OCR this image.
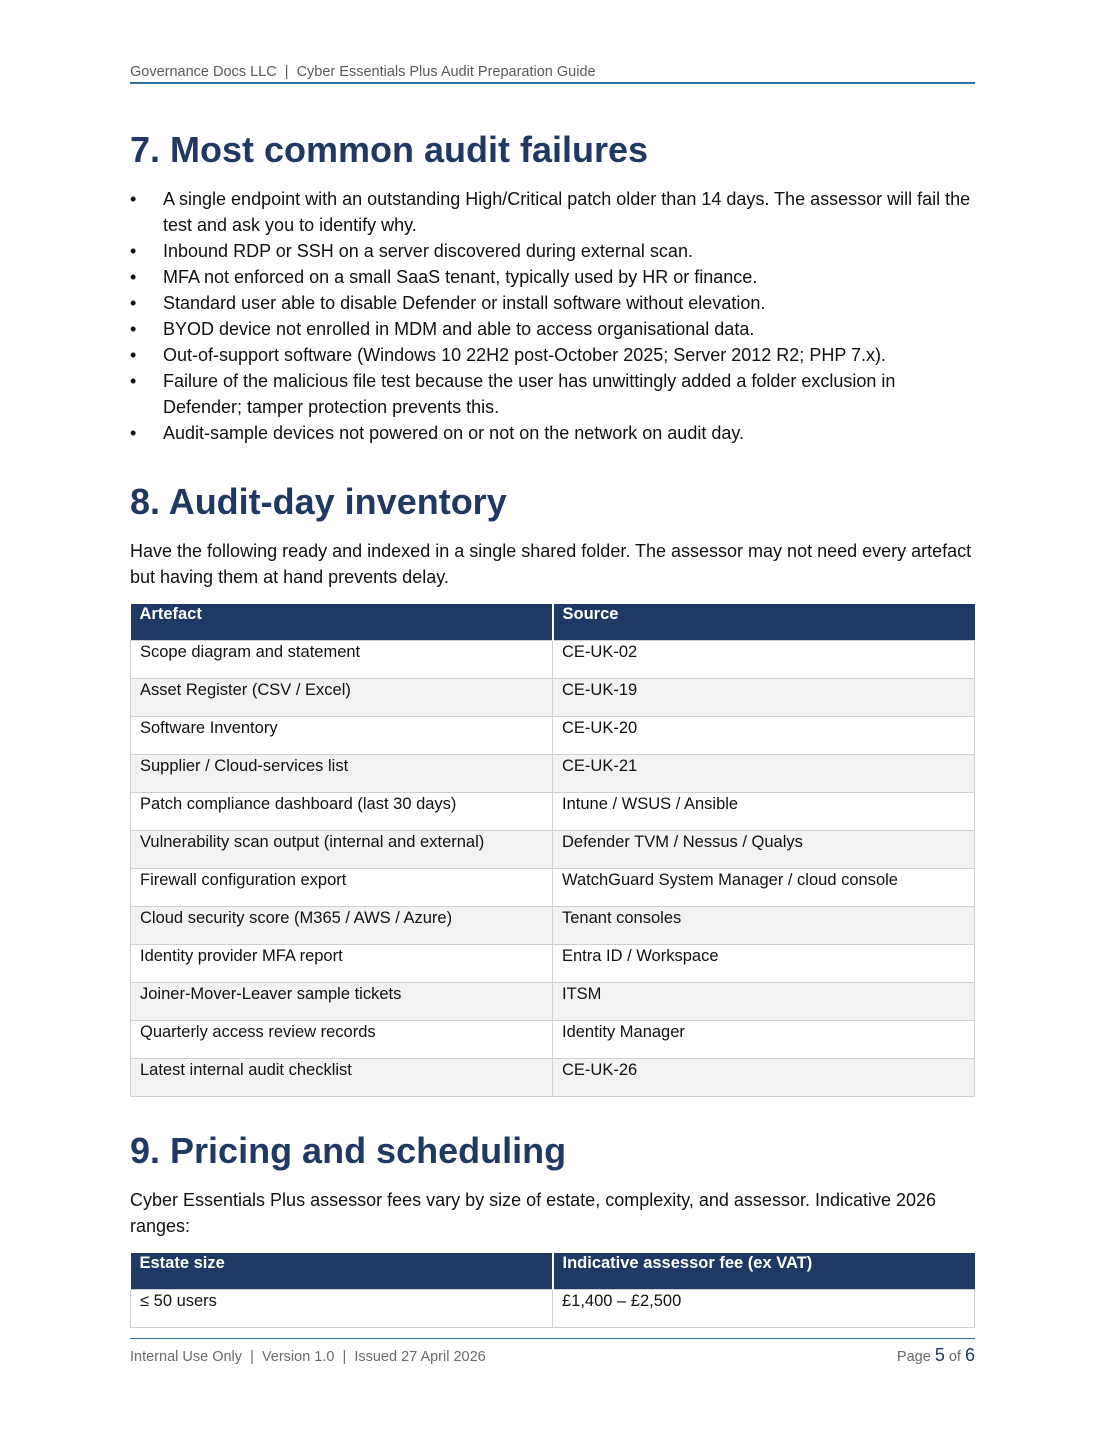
Governance Docs LLC  |  Cyber Essentials Plus Audit Preparation Guide
7. Most common audit failures
• A single endpoint with an outstanding High/Critical patch older than 14 days. The assessor will fail the test and ask you to identify why.
• Inbound RDP or SSH on a server discovered during external scan.
• MFA not enforced on a small SaaS tenant, typically used by HR or finance.
• Standard user able to disable Defender or install software without elevation.
• BYOD device not enrolled in MDM and able to access organisational data.
• Out-of-support software (Windows 10 22H2 post-October 2025; Server 2012 R2; PHP 7.x).
• Failure of the malicious file test because the user has unwittingly added a folder exclusion in Defender; tamper protection prevents this.
• Audit-sample devices not powered on or not on the network on audit day.
8. Audit-day inventory

Have the following ready and indexed in a single shared folder. The assessor may not need every artefact but having them at hand prevents delay.

Artefact	Source
Scope diagram and statement	CE-UK-02
Asset Register (CSV / Excel)	CE-UK-19
Software Inventory	CE-UK-20
Supplier / Cloud-services list	CE-UK-21
Patch compliance dashboard (last 30 days)	Intune / WSUS / Ansible
Vulnerability scan output (internal and external)	Defender TVM / Nessus / Qualys
Firewall configuration export	WatchGuard System Manager / cloud console
Cloud security score (M365 / AWS / Azure)	Tenant consoles
Identity provider MFA report	Entra ID / Workspace
Joiner-Mover-Leaver sample tickets	ITSM
Quarterly access review records	Identity Manager
Latest internal audit checklist	CE-UK-26
9. Pricing and scheduling

Cyber Essentials Plus assessor fees vary by size of estate, complexity, and assessor. Indicative 2026 ranges:

Estate size	Indicative assessor fee (ex VAT)
≤ 50 users	£1,400 – £2,500
Internal Use Only  |  Version 1.0  |  Issued 27 April 2026	Page 5 of 6
